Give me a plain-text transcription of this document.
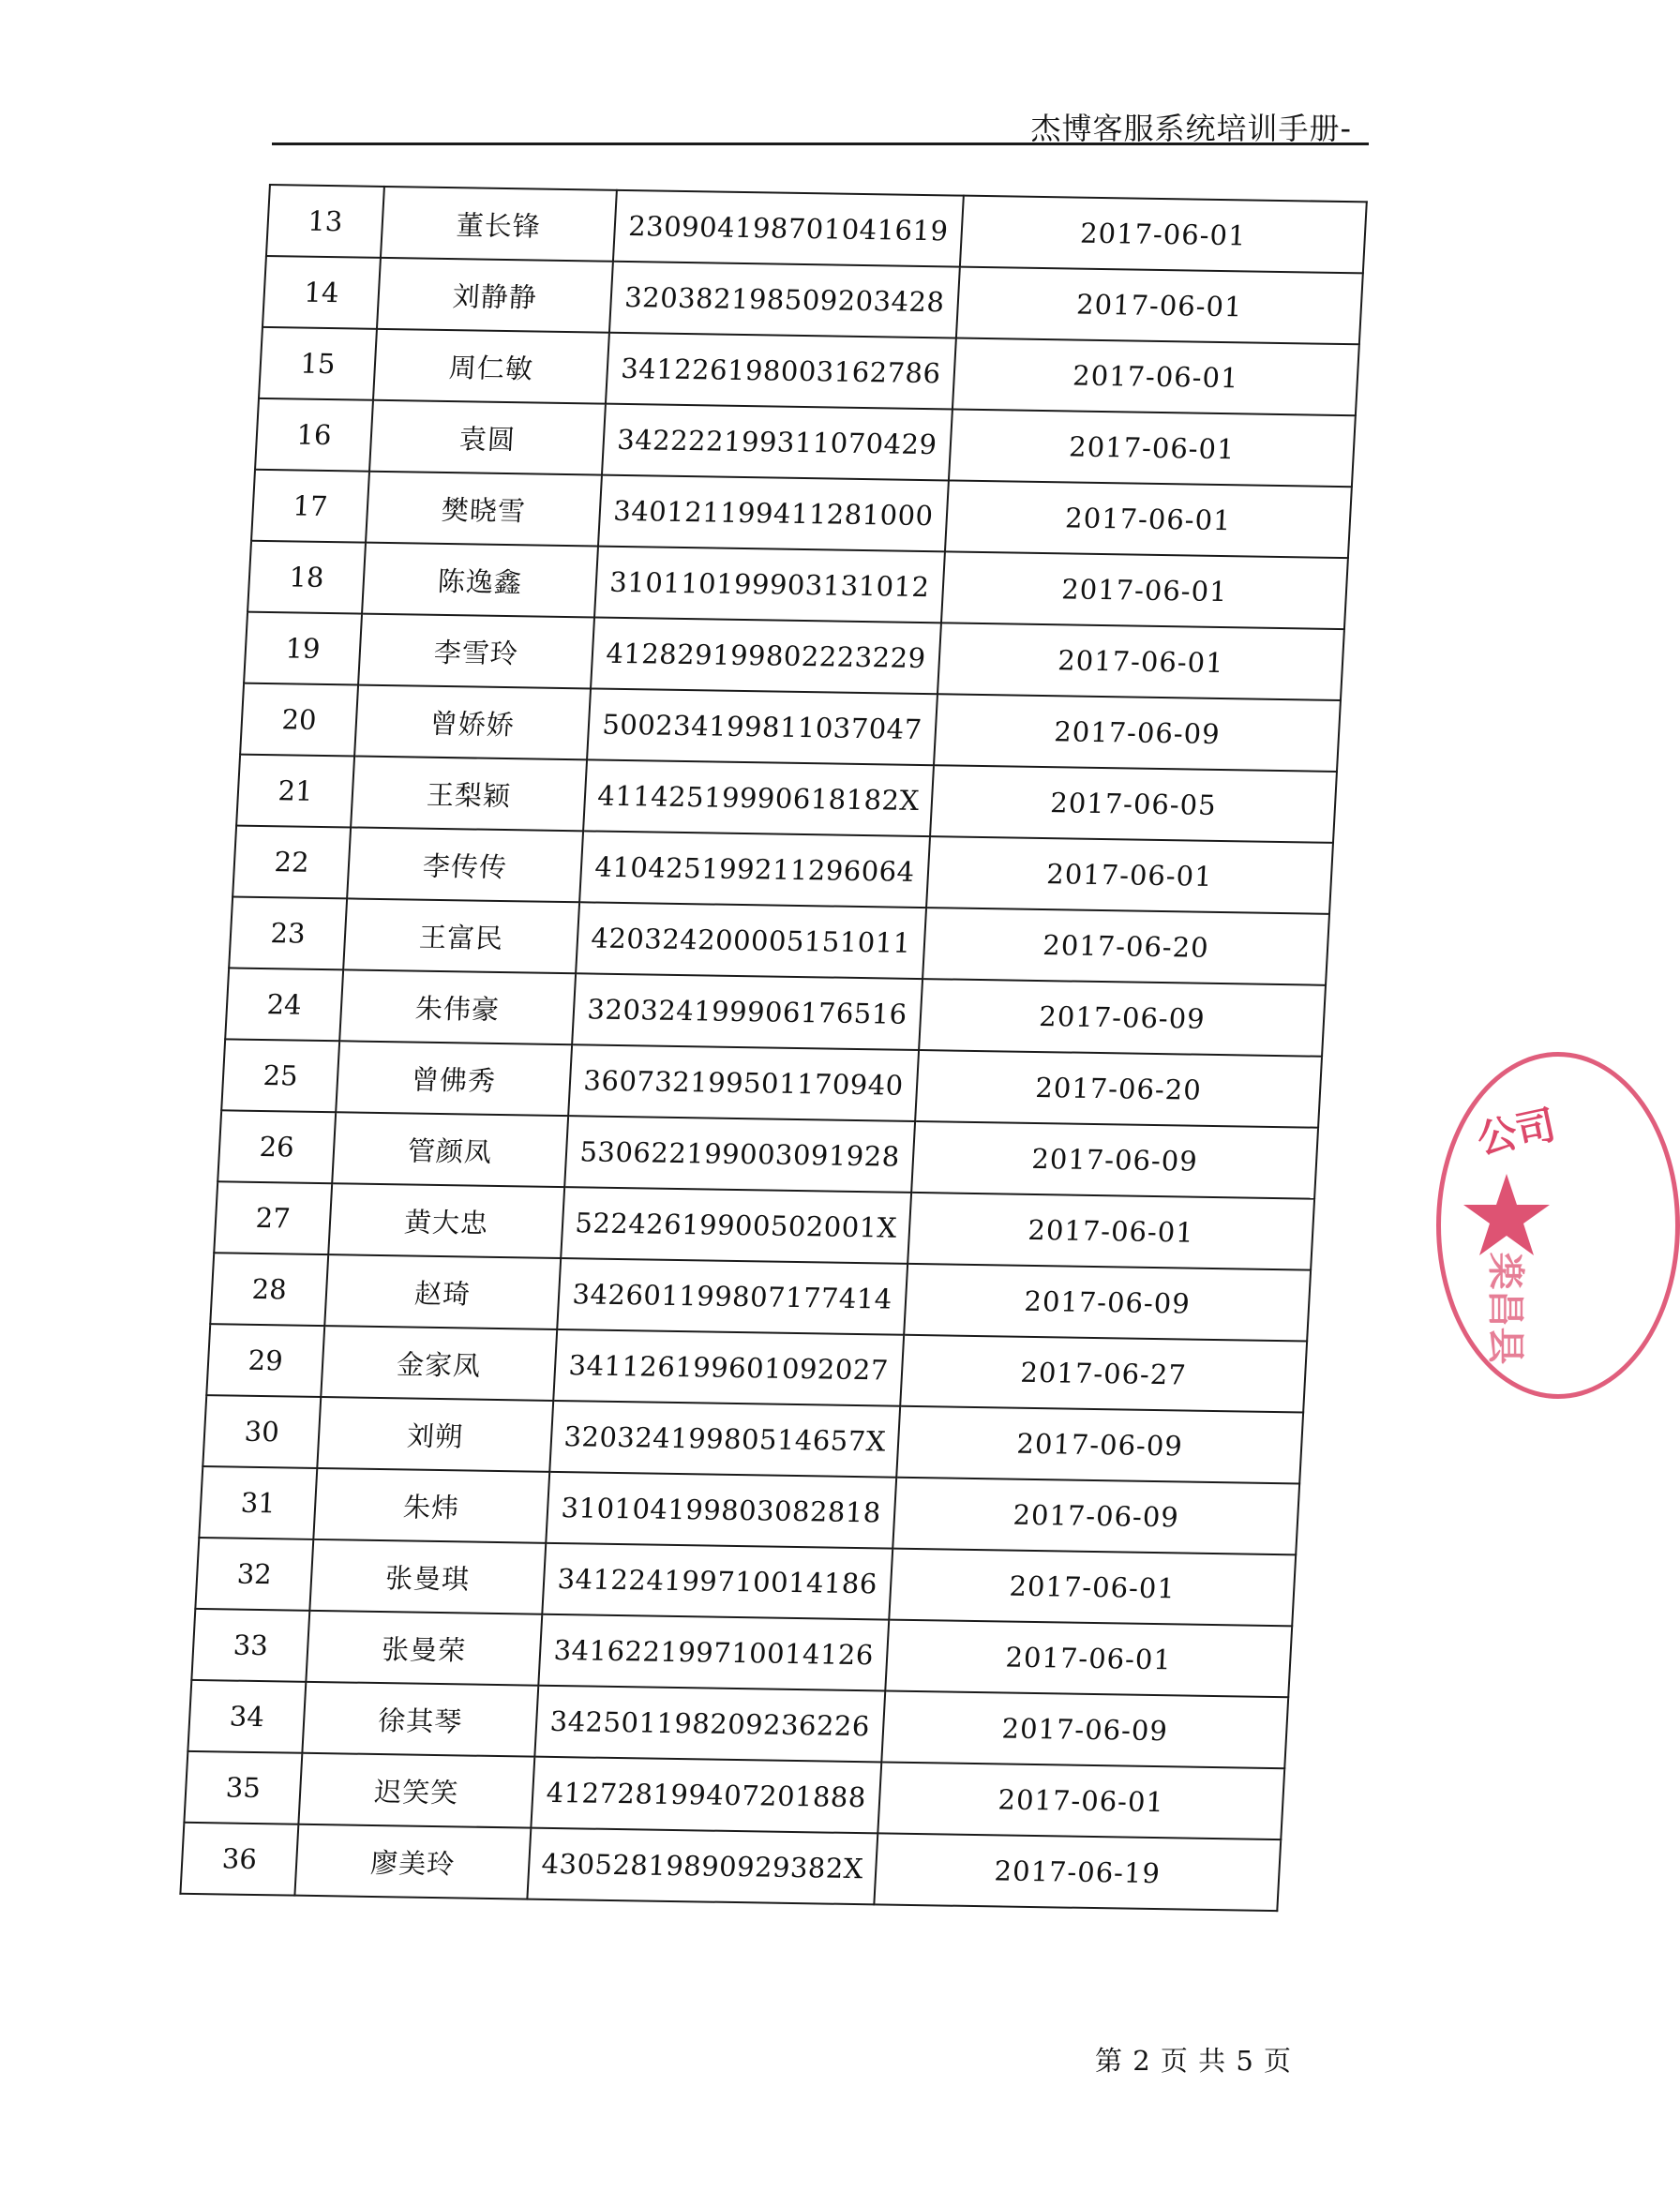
杰博客服系统培训手册-
13	董长锋	230904198701041619	2017-06-01
14	刘静静	320382198509203428	2017-06-01
15	周仁敏	341226198003162786	2017-06-01
16	袁圆	342222199311070429	2017-06-01
17	樊晓雪	340121199411281000	2017-06-01
18	陈逸鑫	310110199903131012	2017-06-01
19	李雪玲	412829199802223229	2017-06-01
20	曾娇娇	500234199811037047	2017-06-09
21	王梨颖	41142519990618182X	2017-06-05
22	李传传	410425199211296064	2017-06-01
23	王富民	420324200005151011	2017-06-20
24	朱伟豪	320324199906176516	2017-06-09
25	曾佛秀	360732199501170940	2017-06-20
26	管颜凤	530622199003091928	2017-06-09
27	黄大忠	52242619900502001X	2017-06-01
28	赵琦	342601199807177414	2017-06-09
29	金家凤	341126199601092027	2017-06-27
30	刘朔	32032419980514657X	2017-06-09
31	朱炜	310104199803082818	2017-06-09
32	张曼琪	341224199710014186	2017-06-01
33	张曼荣	341622199710014126	2017-06-01
34	徐其琴	342501198209236226	2017-06-09
35	迟笑笑	412728199407201888	2017-06-01
36	廖美玲	43052819890929382X	2017-06-19
第 2 页 共 5 页
公司
楽昌县
